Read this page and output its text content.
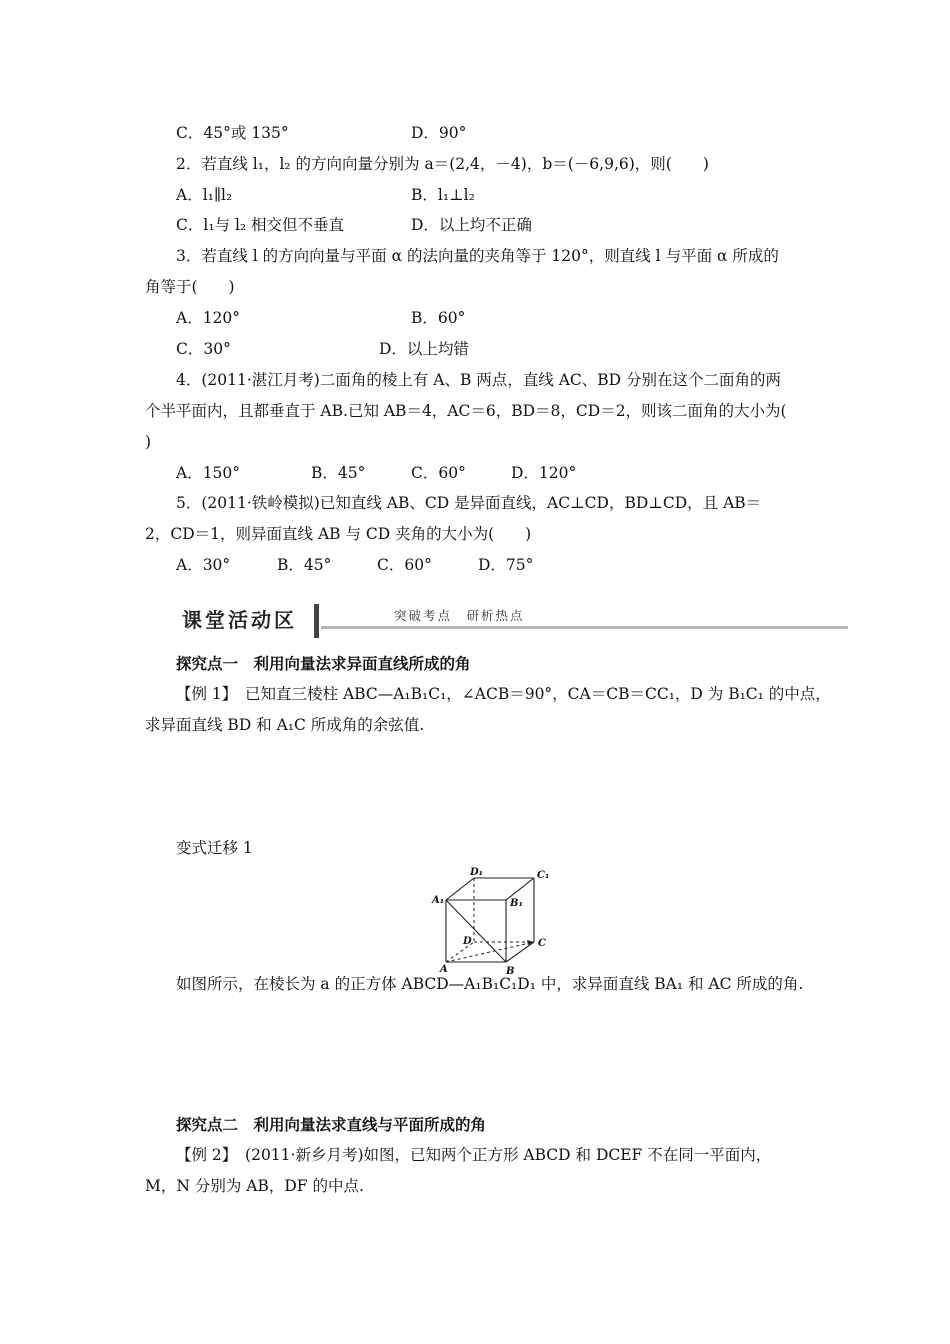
C．45°或 135°	D．90°
2．若直线 l₁，l₂ 的方向向量分别为 a＝(2,4，－4)，b＝(－6,9,6)，则(　　)
A．l₁∥l₂	B．l₁⊥l₂
C．l₁与 l₂ 相交但不垂直	D．以上均不正确
3．若直线 l 的方向向量与平面 α 的法向量的夹角等于 120°，则直线 l 与平面 α 所成的
角等于(　　)
A．120°	B．60°
C．30°	D．以上均错
4．(2011·湛江月考)二面角的棱上有 A、B 两点，直线 AC、BD 分别在这个二面角的两
个半平面内，且都垂直于 AB.已知 AB＝4，AC＝6，BD＝8，CD＝2，则该二面角的大小为(
)
A．150°	B．45°	C．60°	D．120°
5．(2011·铁岭模拟)已知直线 AB、CD 是异面直线，AC⊥CD，BD⊥CD，且 AB＝
2，CD＝1，则异面直线 AB 与 CD 夹角的大小为(　　)
A．30°	B．45°	C．60°	D．75°
课堂活动区	突破考点　研析热点
探究点一　利用向量法求异面直线所成的角
【例 1】　已知直三棱柱 ABC—A₁B₁C₁，∠ACB＝90°，CA＝CB＝CC₁，D 为 B₁C₁ 的中点，
求异面直线 BD 和 A₁C 所成角的余弦值.
变式迁移 1
D₁	C₁
A₁	B₁
D	C
A	B
如图所示，在棱长为 a 的正方体 ABCD—A₁B₁C₁D₁ 中，求异面直线 BA₁ 和 AC 所成的角.
探究点二　利用向量法求直线与平面所成的角
【例 2】　(2011·新乡月考)如图，已知两个正方形 ABCD 和 DCEF 不在同一平面内，
M，N 分别为 AB，DF 的中点.
